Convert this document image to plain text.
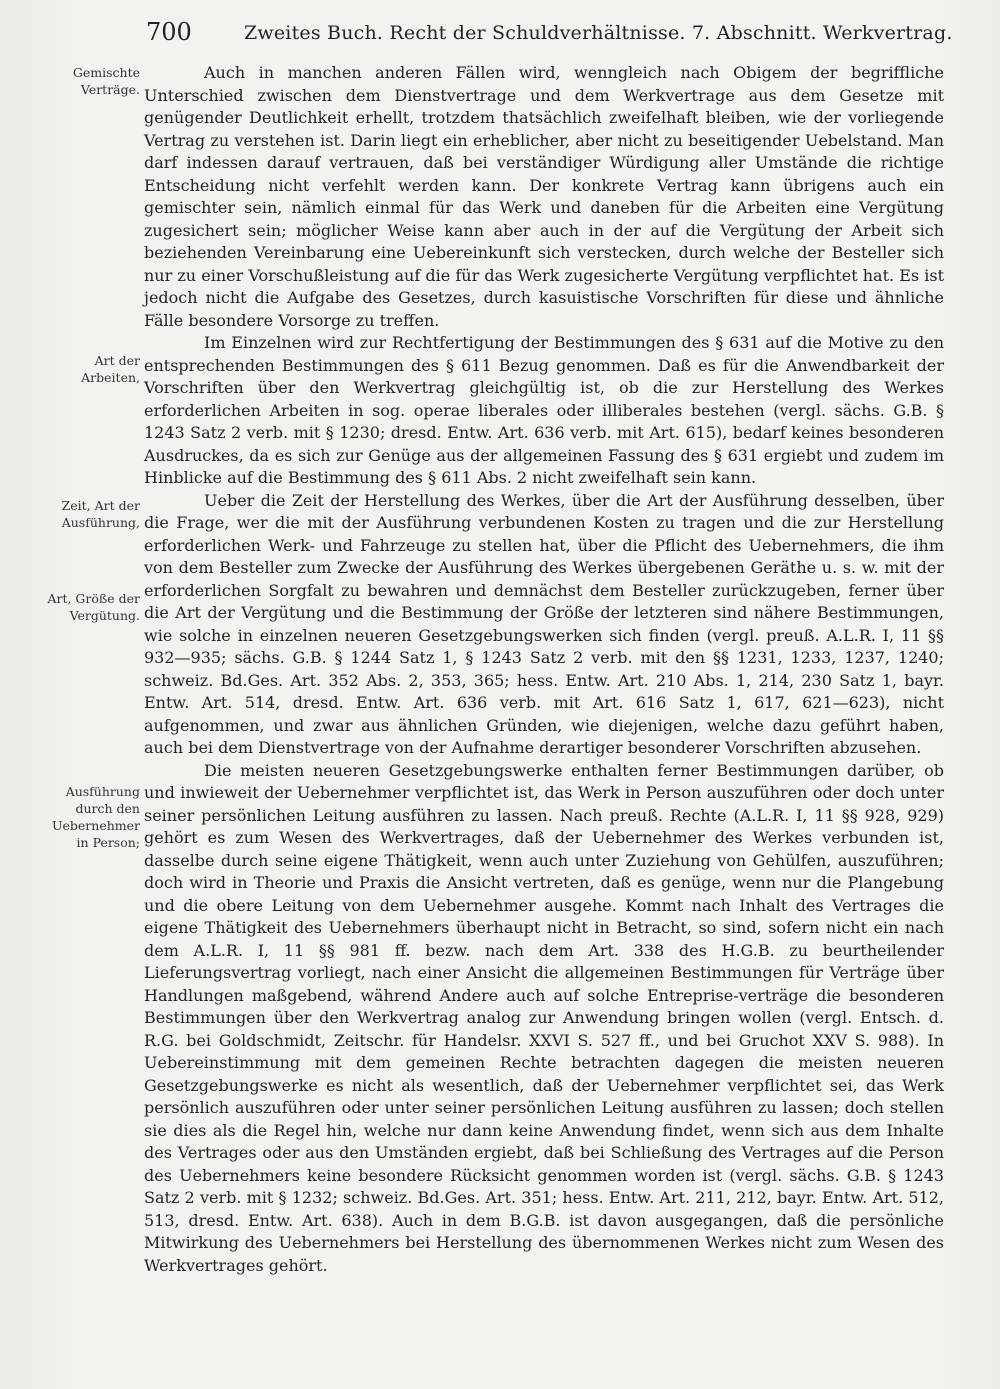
700	Zweites Buch. Recht der Schuldverhältnisse. 7. Abschnitt. Werkvertrag.
Gemischte
Verträge.
Art der
Arbeiten,
Zeit, Art der
Ausführung,
Art, Größe der
Vergütung.
Ausführung
durch den
Uebernehmer
in Person;

Auch in manchen anderen Fällen wird, wenngleich nach Obigem der begriffliche Unterschied zwischen dem Dienstvertrage und dem Werkvertrage aus dem Gesetze mit genügender Deutlichkeit erhellt, trotzdem thatsächlich zweifelhaft bleiben, wie der vorliegende Vertrag zu verstehen ist. Darin liegt ein erheblicher, aber nicht zu beseitigender Uebelstand. Man darf indessen darauf vertrauen, daß bei verständiger Würdigung aller Umstände die richtige Entscheidung nicht verfehlt werden kann. Der konkrete Vertrag kann übrigens auch ein gemischter sein, nämlich einmal für das Werk und daneben für die Arbeiten eine Vergütung zugesichert sein; möglicher Weise kann aber auch in der auf die Vergütung der Arbeit sich beziehenden Vereinbarung eine Uebereinkunft sich verstecken, durch welche der Besteller sich nur zu einer Vorschußleistung auf die für das Werk zugesicherte Vergütung verpflichtet hat. Es ist jedoch nicht die Aufgabe des Gesetzes, durch kasuistische Vorschriften für diese und ähnliche Fälle besondere Vorsorge zu treffen.

Im Einzelnen wird zur Rechtfertigung der Bestimmungen des § 631 auf die Motive zu den entsprechenden Bestimmungen des § 611 Bezug genommen. Daß es für die Anwendbarkeit der Vorschriften über den Werkvertrag gleichgültig ist, ob die zur Herstellung des Werkes erforderlichen Arbeiten in sog. operae liberales oder illiberales bestehen (vergl. sächs. G.B. § 1243 Satz 2 verb. mit § 1230; dresd. Entw. Art. 636 verb. mit Art. 615), bedarf keines besonderen Ausdruckes, da es sich zur Genüge aus der allgemeinen Fassung des § 631 ergiebt und zudem im Hinblicke auf die Bestimmung des § 611 Abs. 2 nicht zweifelhaft sein kann.

Ueber die Zeit der Herstellung des Werkes, über die Art der Ausführung desselben, über die Frage, wer die mit der Ausführung verbundenen Kosten zu tragen und die zur Herstellung erforderlichen Werk- und Fahrzeuge zu stellen hat, über die Pflicht des Uebernehmers, die ihm von dem Besteller zum Zwecke der Ausführung des Werkes übergebenen Geräthe u. s. w. mit der erforderlichen Sorgfalt zu bewahren und demnächst dem Besteller zurückzugeben, ferner über die Art der Vergütung und die Bestimmung der Größe der letzteren sind nähere Bestimmungen, wie solche in einzelnen neueren Gesetzgebungswerken sich finden (vergl. preuß. A.L.R. I, 11 §§ 932—935; sächs. G.B. § 1244 Satz 1, § 1243 Satz 2 verb. mit den §§ 1231, 1233, 1237, 1240; schweiz. Bd.Ges. Art. 352 Abs. 2, 353, 365; hess. Entw. Art. 210 Abs. 1, 214, 230 Satz 1, bayr. Entw. Art. 514, dresd. Entw. Art. 636 verb. mit Art. 616 Satz 1, 617, 621—623), nicht aufgenommen, und zwar aus ähnlichen Gründen, wie diejenigen, welche dazu geführt haben, auch bei dem Dienstvertrage von der Aufnahme derartiger besonderer Vorschriften abzusehen.

Die meisten neueren Gesetzgebungswerke enthalten ferner Bestimmungen darüber, ob und inwieweit der Uebernehmer verpflichtet ist, das Werk in Person auszuführen oder doch unter seiner persönlichen Leitung ausführen zu lassen. Nach preuß. Rechte (A.L.R. I, 11 §§ 928, 929) gehört es zum Wesen des Werkvertrages, daß der Uebernehmer des Werkes verbunden ist, dasselbe durch seine eigene Thätigkeit, wenn auch unter Zuziehung von Gehülfen, auszuführen; doch wird in Theorie und Praxis die Ansicht vertreten, daß es genüge, wenn nur die Plangebung und die obere Leitung von dem Uebernehmer ausgehe. Kommt nach Inhalt des Vertrages die eigene Thätigkeit des Uebernehmers überhaupt nicht in Betracht, so sind, sofern nicht ein nach dem A.L.R. I, 11 §§ 981 ff. bezw. nach dem Art. 338 des H.G.B. zu beurtheilender Lieferungsvertrag vorliegt, nach einer Ansicht die allgemeinen Bestimmungen für Verträge über Handlungen maßgebend, während Andere auch auf solche Entreprise-verträge die besonderen Bestimmungen über den Werkvertrag analog zur Anwendung bringen wollen (vergl. Entsch. d. R.G. bei Goldschmidt, Zeitschr. für Handelsr. XXVI S. 527 ff., und bei Gruchot XXV S. 988). In Uebereinstimmung mit dem gemeinen Rechte betrachten dagegen die meisten neueren Gesetzgebungswerke es nicht als wesentlich, daß der Uebernehmer verpflichtet sei, das Werk persönlich auszuführen oder unter seiner persönlichen Leitung ausführen zu lassen; doch stellen sie dies als die Regel hin, welche nur dann keine Anwendung findet, wenn sich aus dem Inhalte des Vertrages oder aus den Umständen ergiebt, daß bei Schließung des Vertrages auf die Person des Uebernehmers keine besondere Rücksicht genommen worden ist (vergl. sächs. G.B. § 1243 Satz 2 verb. mit § 1232; schweiz. Bd.Ges. Art. 351; hess. Entw. Art. 211, 212, bayr. Entw. Art. 512, 513, dresd. Entw. Art. 638). Auch in dem B.G.B. ist davon ausgegangen, daß die persönliche Mitwirkung des Uebernehmers bei Herstellung des übernommenen Werkes nicht zum Wesen des Werkvertrages gehört.
